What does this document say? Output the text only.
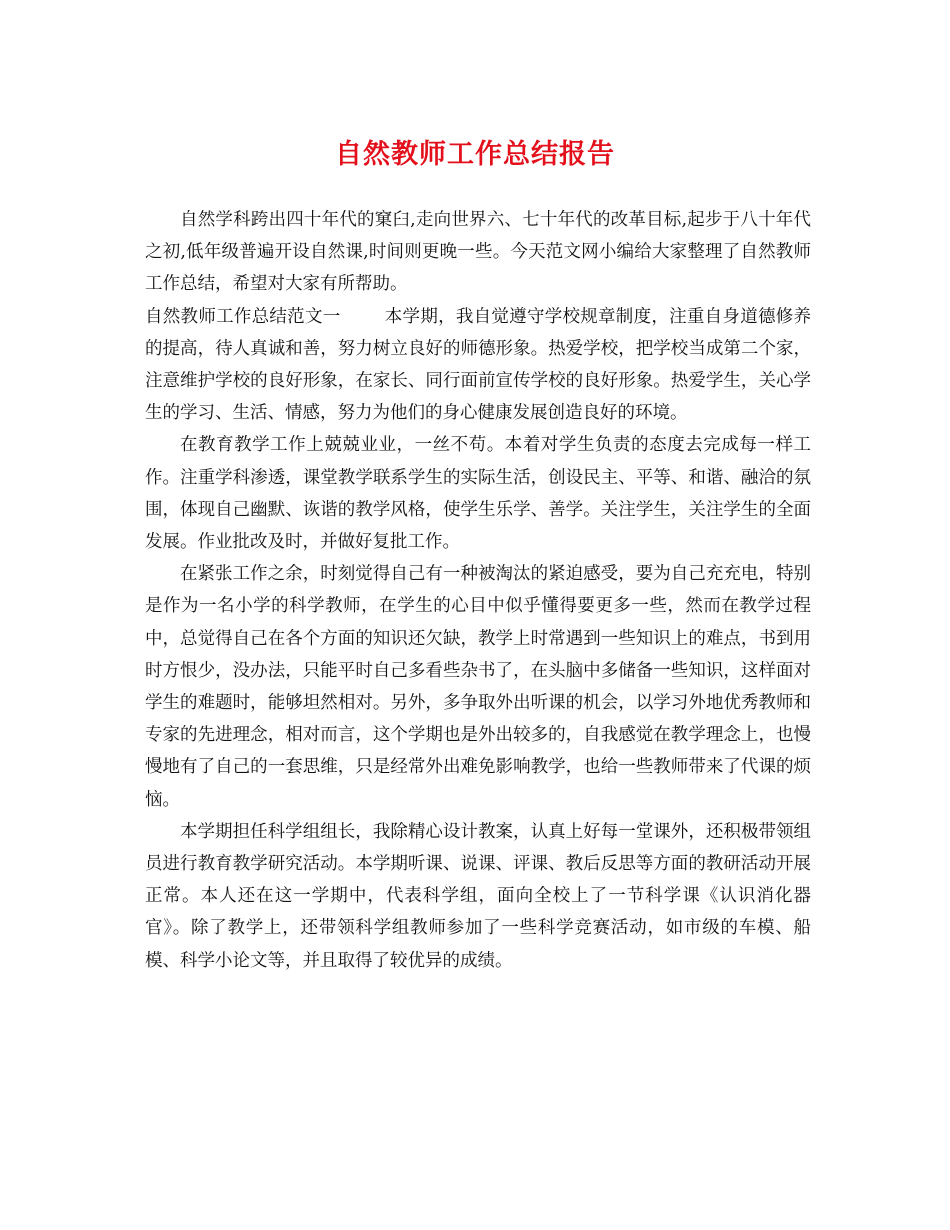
自然教师工作总结报告

自然学科跨出四十年代的窠臼,走向世界六、七十年代的改革目标,起步于八十年代之初,低年级普遍开设自然课,时间则更晚一些。今天范文网小编给大家整理了自然教师工作总结，希望对大家有所帮助。

自然教师工作总结范文一	本学期，我自觉遵守学校规章制度，注重自身道德修养的提高，待人真诚和善，努力树立良好的师德形象。热爱学校，把学校当成第二个家，注意维护学校的良好形象，在家长、同行面前宣传学校的良好形象。热爱学生，关心学生的学习、生活、情感，努力为他们的身心健康发展创造良好的环境。

在教育教学工作上兢兢业业，一丝不苟。本着对学生负责的态度去完成每一样工作。注重学科渗透，课堂教学联系学生的实际生活，创设民主、平等、和谐、融洽的氛围，体现自己幽默、诙谐的教学风格，使学生乐学、善学。关注学生，关注学生的全面发展。作业批改及时，并做好复批工作。

在紧张工作之余，时刻觉得自己有一种被淘汰的紧迫感受，要为自己充充电，特别是作为一名小学的科学教师，在学生的心目中似乎懂得要更多一些，然而在教学过程中，总觉得自己在各个方面的知识还欠缺，教学上时常遇到一些知识上的难点，书到用时方恨少，没办法，只能平时自己多看些杂书了，在头脑中多储备一些知识，这样面对学生的难题时，能够坦然相对。另外，多争取外出听课的机会，以学习外地优秀教师和专家的先进理念，相对而言，这个学期也是外出较多的，自我感觉在教学理念上，也慢慢地有了自己的一套思维，只是经常外出难免影响教学，也给一些教师带来了代课的烦恼。

本学期担任科学组组长，我除精心设计教案，认真上好每一堂课外，还积极带领组员进行教育教学研究活动。本学期听课、说课、评课、教后反思等方面的教研活动开展正常。本人还在这一学期中，代表科学组，面向全校上了一节科学课《认识消化器官》。除了教学上，还带领科学组教师参加了一些科学竞赛活动，如市级的车模、船模、科学小论文等，并且取得了较优异的成绩。
